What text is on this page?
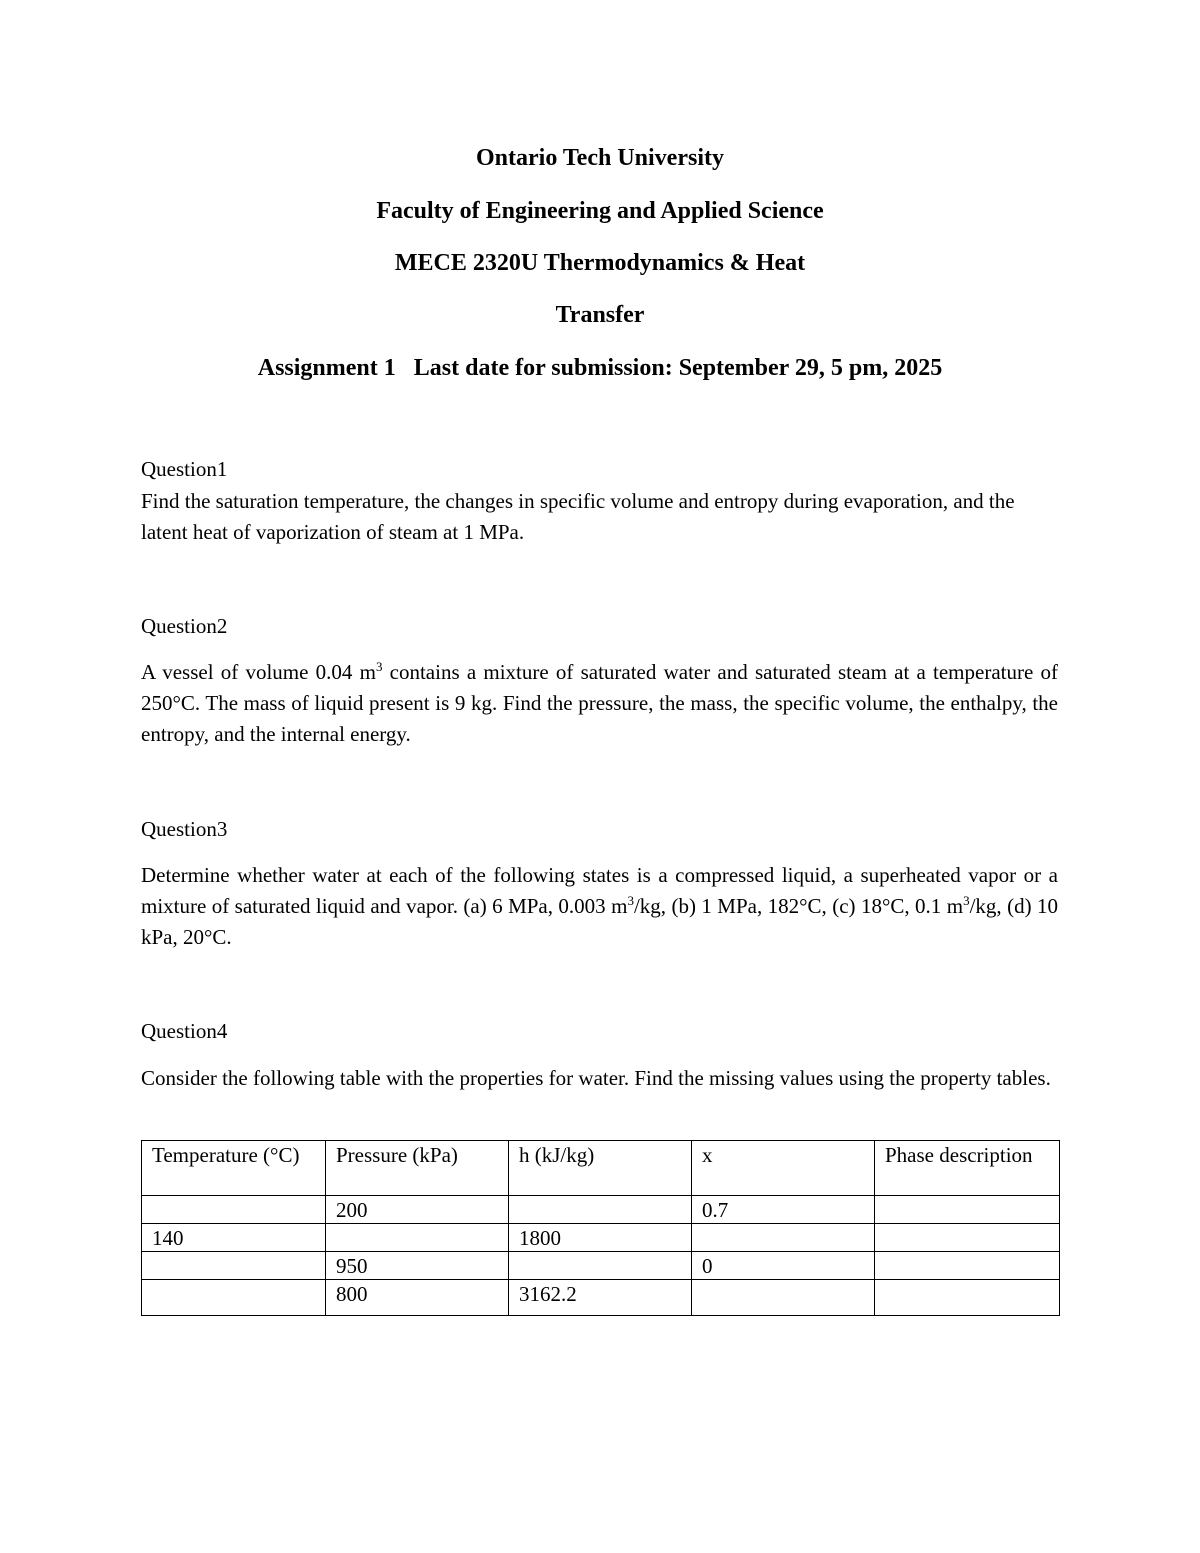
Ontario Tech University
Faculty of Engineering and Applied Science
MECE 2320U Thermodynamics & Heat
Transfer
Assignment 1 Last date for submission: September 29, 5 pm, 2025
Question1
Find the saturation temperature, the changes in specific volume and entropy during evaporation, and the latent heat of vaporization of steam at 1 MPa.
Question2
A vessel of volume 0.04 $m^3$ contains a mixture of saturated water and saturated steam at a temperature of 250°C. The mass of liquid present is 9 kg. Find the pressure, the mass, the specific volume, the enthalpy, the entropy, and the internal energy.
Question3
Determine whether water at each of the following states is a compressed liquid, a superheated vapor or a mixture of saturated liquid and vapor. (a) 6 MPa, 0.003 $m^3/kg$, (b) 1 MPa, 182°C, (c) 18°C, 0.1 $m^3/kg$, (d) 10 kPa, 20°C.
Question4
Consider the following table with the properties for water. Find the missing values using the property tables.
Temperature (°C)	Pressure (kPa)	h (kJ/kg)	x	Phase description
	200		0.7	
140		1800		
	950		0	
	800	3162.2		
